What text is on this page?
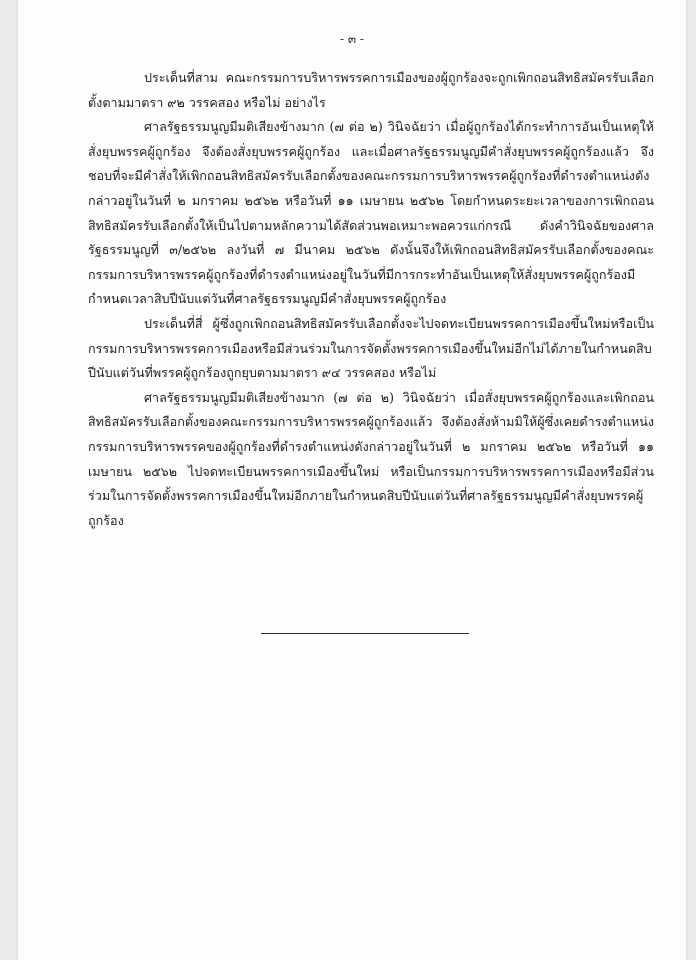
- ๓ -

ประเด็นที่สาม คณะกรรมการบริหารพรรคการเมืองของผู้ถูกร้องจะถูกเพิกถอนสิทธิสมัครรับเลือกตั้งตามมาตรา ๙๒ วรรคสอง หรือไม่ อย่างไร

ศาลรัฐธรรมนูญมีมติเสียงข้างมาก (๗ ต่อ ๒) วินิจฉัยว่า เมื่อผู้ถูกร้องได้กระทำการอันเป็นเหตุให้สั่งยุบพรรคผู้ถูกร้อง จึงต้องสั่งยุบพรรคผู้ถูกร้อง และเมื่อศาลรัฐธรรมนูญมีคำสั่งยุบพรรคผู้ถูกร้องแล้ว จึงชอบที่จะมีคำสั่งให้เพิกถอนสิทธิสมัครรับเลือกตั้งของคณะกรรมการบริหารพรรคผู้ถูกร้องที่ดำรงตำแหน่งดังกล่าวอยู่ในวันที่ ๒ มกราคม ๒๕๖๒ หรือวันที่ ๑๑ เมษายน ๒๕๖๒ โดยกำหนดระยะเวลาของการเพิกถอนสิทธิสมัครรับเลือกตั้งให้เป็นไปตามหลักความได้สัดส่วนพอเหมาะพอควรแก่กรณี ดังคำวินิจฉัยของศาลรัฐธรรมนูญที่ ๓/๒๕๖๒ ลงวันที่ ๗ มีนาคม ๒๕๖๒ ดังนั้นจึงให้เพิกถอนสิทธิสมัครรับเลือกตั้งของคณะกรรมการบริหารพรรคผู้ถูกร้องที่ดำรงตำแหน่งอยู่ในวันที่มีการกระทำอันเป็นเหตุให้สั่งยุบพรรคผู้ถูกร้องมีกำหนดเวลาสิบปีนับแต่วันที่ศาลรัฐธรรมนูญมีคำสั่งยุบพรรคผู้ถูกร้อง

ประเด็นที่สี่ ผู้ซึ่งถูกเพิกถอนสิทธิสมัครรับเลือกตั้งจะไปจดทะเบียนพรรคการเมืองขึ้นใหม่หรือเป็นกรรมการบริหารพรรคการเมืองหรือมีส่วนร่วมในการจัดตั้งพรรคการเมืองขึ้นใหม่อีกไม่ได้ภายในกำหนดสิบปีนับแต่วันที่พรรคผู้ถูกร้องถูกยุบตามมาตรา ๙๔ วรรคสอง หรือไม่

ศาลรัฐธรรมนูญมีมติเสียงข้างมาก (๗ ต่อ ๒) วินิจฉัยว่า เมื่อสั่งยุบพรรคผู้ถูกร้องและเพิกถอนสิทธิสมัครรับเลือกตั้งของคณะกรรมการบริหารพรรคผู้ถูกร้องแล้ว จึงต้องสั่งห้ามมิให้ผู้ซึ่งเคยดำรงตำแหน่งกรรมการบริหารพรรคของผู้ถูกร้องที่ดำรงตำแหน่งดังกล่าวอยู่ในวันที่ ๒ มกราคม ๒๕๖๒ หรือวันที่ ๑๑ เมษายน ๒๕๖๒ ไปจดทะเบียนพรรคการเมืองขึ้นใหม่ หรือเป็นกรรมการบริหารพรรคการเมืองหรือมีส่วนร่วมในการจัดตั้งพรรคการเมืองขึ้นใหม่อีกภายในกำหนดสิบปีนับแต่วันที่ศาลรัฐธรรมนูญมีคำสั่งยุบพรรคผู้ถูกร้อง
